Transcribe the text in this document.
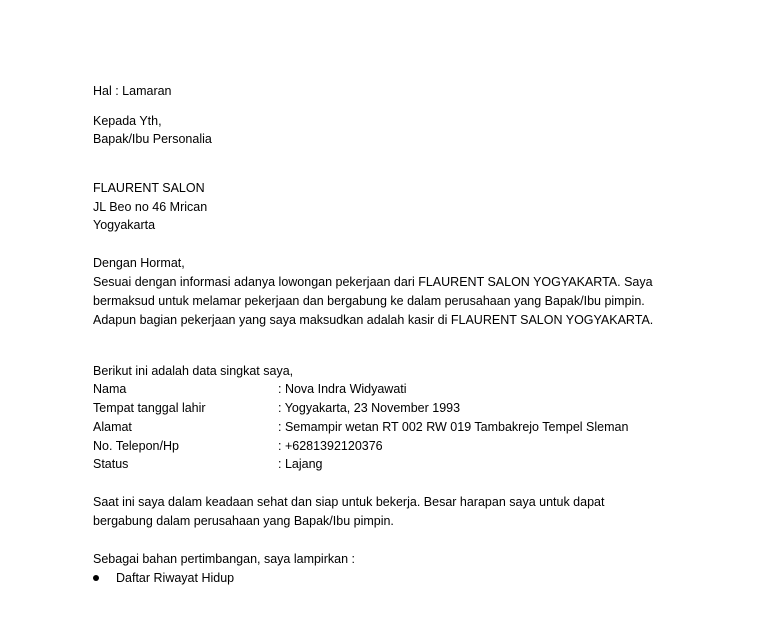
Hal : Lamaran
Kepada Yth,
Bapak/Ibu Personalia
FLAURENT SALON
JL Beo no 46 Mrican
Yogyakarta
Dengan Hormat,
Sesuai dengan informasi adanya lowongan pekerjaan dari FLAURENT SALON YOGYAKARTA. Saya
bermaksud untuk melamar pekerjaan dan bergabung ke dalam perusahaan yang Bapak/Ibu pimpin.
Adapun bagian pekerjaan yang saya maksudkan adalah kasir di FLAURENT SALON YOGYAKARTA.
Berikut ini adalah data singkat saya,
Nama	: Nova Indra Widyawati
Tempat tanggal lahir	: Yogyakarta, 23 November 1993
Alamat	: Semampir wetan RT 002 RW 019 Tambakrejo Tempel Sleman
No. Telepon/Hp	: +6281392120376
Status	: Lajang
Saat ini saya dalam keadaan sehat dan siap untuk bekerja. Besar harapan saya untuk dapat
bergabung dalam perusahaan yang Bapak/Ibu pimpin.
Sebagai bahan pertimbangan, saya lampirkan :
Daftar Riwayat Hidup
